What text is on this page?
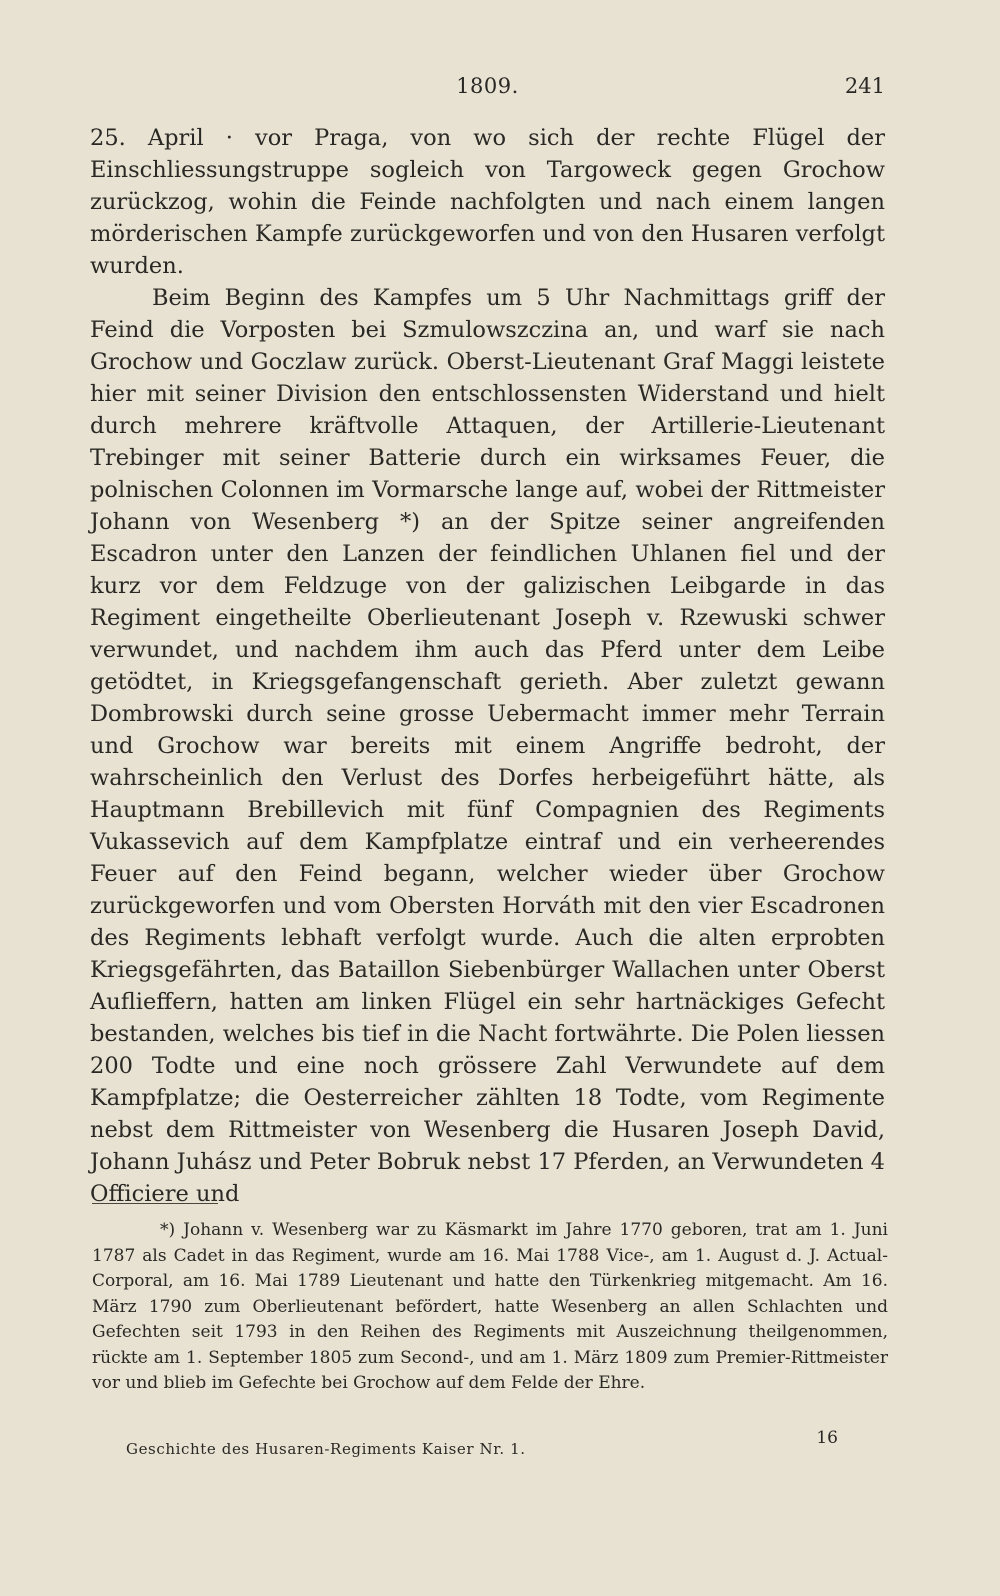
1809.	241

25. April · vor Praga, von wo sich der rechte Flügel der Einschliessungstruppe sogleich von Targoweck gegen Grochow zurückzog, wohin die Feinde nachfolgten und nach einem langen mörderischen Kampfe zurückgeworfen und von den Husaren verfolgt wurden.

Beim Beginn des Kampfes um 5 Uhr Nachmittags griff der Feind die Vorposten bei Szmulowszczina an, und warf sie nach Grochow und Goczlaw zurück. Oberst-Lieutenant Graf Maggi leistete hier mit seiner Division den entschlossensten Widerstand und hielt durch mehrere kräftvolle Attaquen, der Artillerie-Lieutenant Trebinger mit seiner Batterie durch ein wirksames Feuer, die polnischen Colonnen im Vormarsche lange auf, wobei der Rittmeister Johann von Wesenberg *) an der Spitze seiner angreifenden Escadron unter den Lanzen der feindlichen Uhlanen fiel und der kurz vor dem Feldzuge von der galizischen Leibgarde in das Regiment eingetheilte Oberlieutenant Joseph v. Rzewuski schwer verwundet, und nachdem ihm auch das Pferd unter dem Leibe getödtet, in Kriegsgefangenschaft gerieth. Aber zuletzt gewann Dombrowski durch seine grosse Uebermacht immer mehr Terrain und Grochow war bereits mit einem Angriffe bedroht, der wahrscheinlich den Verlust des Dorfes herbeigeführt hätte, als Hauptmann Brebillevich mit fünf Compagnien des Regiments Vukassevich auf dem Kampfplatze eintraf und ein verheerendes Feuer auf den Feind begann, welcher wieder über Grochow zurückgeworfen und vom Obersten Horváth mit den vier Escadronen des Regiments lebhaft verfolgt wurde. Auch die alten erprobten Kriegsgefährten, das Bataillon Siebenbürger Wallachen unter Oberst Auflieffern, hatten am linken Flügel ein sehr hartnäckiges Gefecht bestanden, welches bis tief in die Nacht fortwährte. Die Polen liessen 200 Todte und eine noch grössere Zahl Verwundete auf dem Kampfplatze; die Oesterreicher zählten 18 Todte, vom Regimente nebst dem Rittmeister von Wesenberg die Husaren Joseph David, Johann Juhász und Peter Bobruk nebst 17 Pferden, an Verwundeten 4 Officiere und

*) Johann v. Wesenberg war zu Käsmarkt im Jahre 1770 geboren, trat am 1. Juni 1787 als Cadet in das Regiment, wurde am 16. Mai 1788 Vice-, am 1. August d. J. Actual-Corporal, am 16. Mai 1789 Lieutenant und hatte den Türkenkrieg mitgemacht. Am 16. März 1790 zum Oberlieutenant befördert, hatte Wesenberg an allen Schlachten und Gefechten seit 1793 in den Reihen des Regiments mit Auszeichnung theilgenommen, rückte am 1. September 1805 zum Second-, und am 1. März 1809 zum Premier-Rittmeister vor und blieb im Gefechte bei Grochow auf dem Felde der Ehre.
Geschichte des Husaren-Regiments Kaiser Nr. 1.
16
